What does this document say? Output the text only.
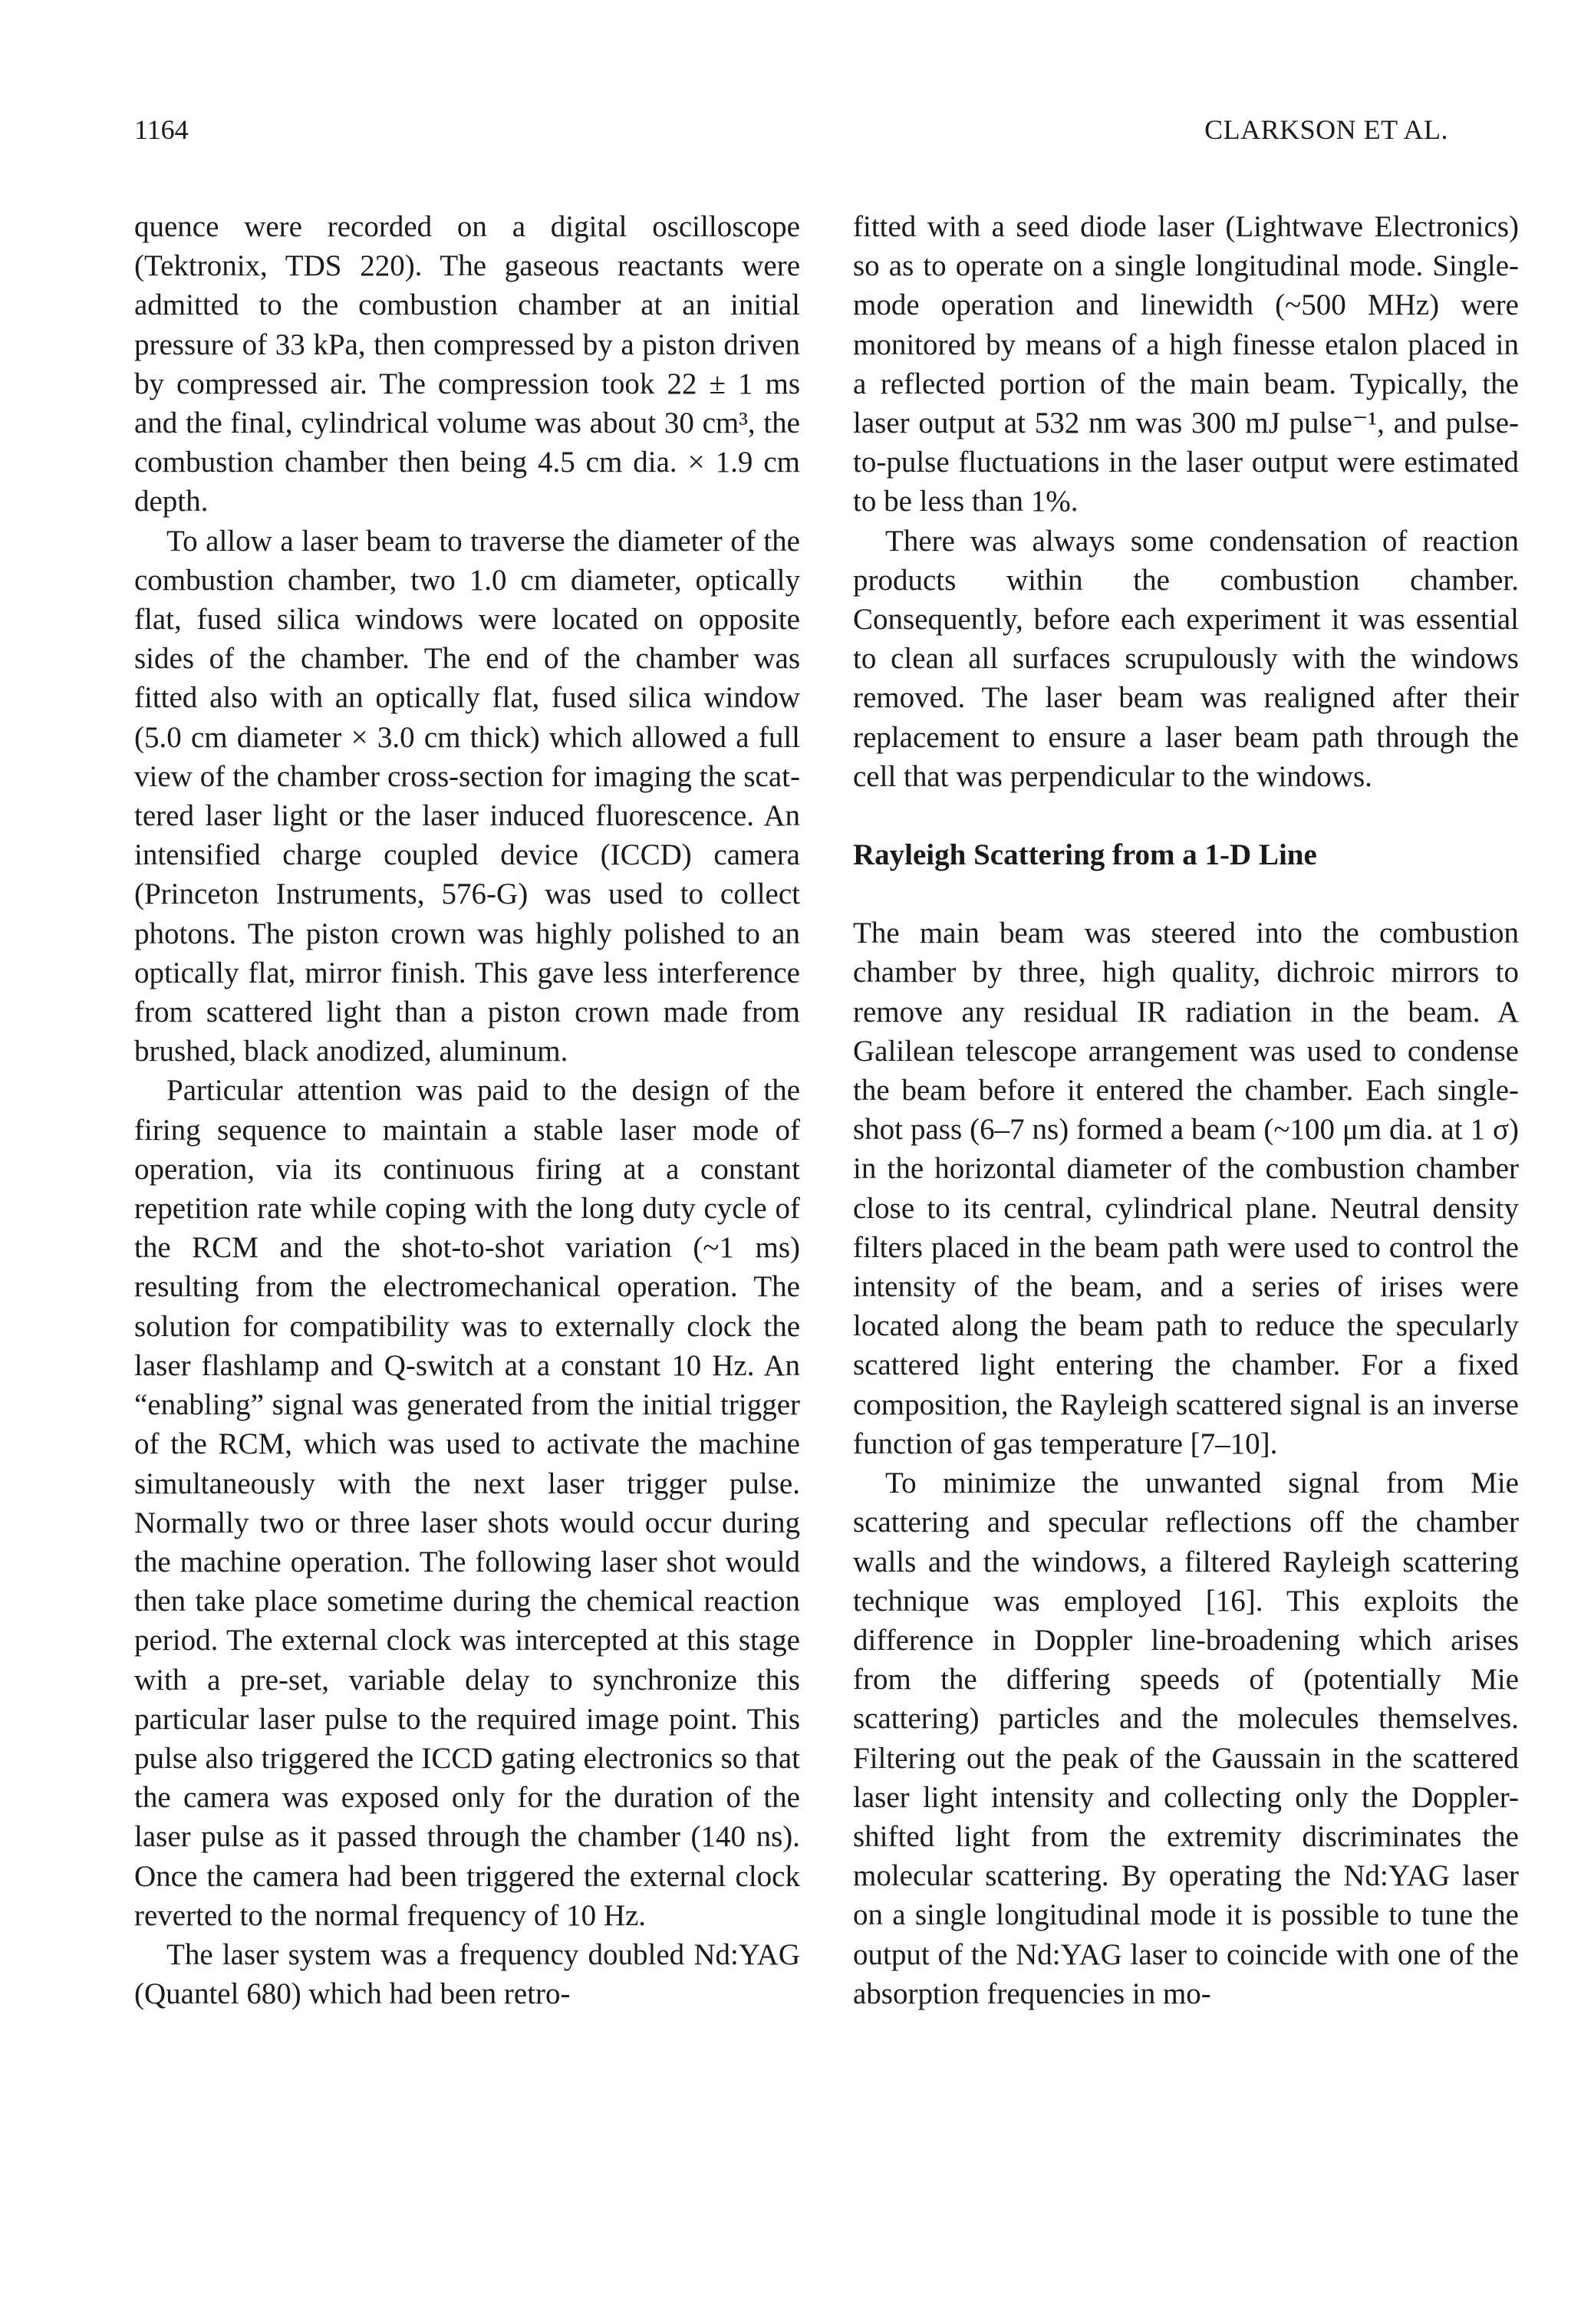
1164	CLARKSON ET AL.

quence were recorded on a digital oscilloscope (Tektronix, TDS 220). The gaseous reactants were admitted to the combustion chamber at an initial pressure of 33 kPa, then compressed by a piston driven by compressed air. The compression took 22 ± 1 ms and the final, cylindrical volume was about 30 cm³, the combustion chamber then being 4.5 cm dia. × 1.9 cm depth.

To allow a laser beam to traverse the diameter of the combustion chamber, two 1.0 cm diameter, optically flat, fused silica windows were located on opposite sides of the chamber. The end of the chamber was fitted also with an optically flat, fused silica window (5.0 cm diameter × 3.0 cm thick) which allowed a full view of the chamber cross-section for imaging the scattered laser light or the laser induced fluorescence. An intensified charge coupled device (ICCD) camera (Princeton Instruments, 576-G) was used to collect photons. The piston crown was highly polished to an optically flat, mirror finish. This gave less interference from scattered light than a piston crown made from brushed, black anodized, aluminum.

Particular attention was paid to the design of the firing sequence to maintain a stable laser mode of operation, via its continuous firing at a constant repetition rate while coping with the long duty cycle of the RCM and the shot-to-shot variation (~1 ms) resulting from the electromechanical operation. The solution for compatibility was to externally clock the laser flashlamp and Q-switch at a constant 10 Hz. An “enabling” signal was generated from the initial trigger of the RCM, which was used to activate the machine simultaneously with the next laser trigger pulse. Normally two or three laser shots would occur during the machine operation. The following laser shot would then take place sometime during the chemical reaction period. The external clock was intercepted at this stage with a pre-set, variable delay to synchronize this particular laser pulse to the required image point. This pulse also triggered the ICCD gating electronics so that the camera was exposed only for the duration of the laser pulse as it passed through the chamber (140 ns). Once the camera had been triggered the external clock reverted to the normal frequency of 10 Hz.

The laser system was a frequency doubled Nd:YAG (Quantel 680) which had been retro-

fitted with a seed diode laser (Lightwave Electronics) so as to operate on a single longitudinal mode. Single-mode operation and linewidth (~500 MHz) were monitored by means of a high finesse etalon placed in a reflected portion of the main beam. Typically, the laser output at 532 nm was 300 mJ pulse⁻¹, and pulse-to-pulse fluctuations in the laser output were estimated to be less than 1%.

There was always some condensation of reaction products within the combustion chamber. Consequently, before each experiment it was essential to clean all surfaces scrupulously with the windows removed. The laser beam was realigned after their replacement to ensure a laser beam path through the cell that was perpendicular to the windows.

Rayleigh Scattering from a 1-D Line

The main beam was steered into the combustion chamber by three, high quality, dichroic mirrors to remove any residual IR radiation in the beam. A Galilean telescope arrangement was used to condense the beam before it entered the chamber. Each single-shot pass (6–7 ns) formed a beam (~100 μm dia. at 1 σ) in the horizontal diameter of the combustion chamber close to its central, cylindrical plane. Neutral density filters placed in the beam path were used to control the intensity of the beam, and a series of irises were located along the beam path to reduce the specularly scattered light entering the chamber. For a fixed composition, the Rayleigh scattered signal is an inverse function of gas temperature [7–10].

To minimize the unwanted signal from Mie scattering and specular reflections off the chamber walls and the windows, a filtered Rayleigh scattering technique was employed [16]. This exploits the difference in Doppler line-broadening which arises from the differing speeds of (potentially Mie scattering) particles and the molecules themselves. Filtering out the peak of the Gaussain in the scattered laser light intensity and collecting only the Doppler-shifted light from the extremity discriminates the molecular scattering. By operating the Nd:YAG laser on a single longitudinal mode it is possible to tune the output of the Nd:YAG laser to coincide with one of the absorption frequencies in mo-
